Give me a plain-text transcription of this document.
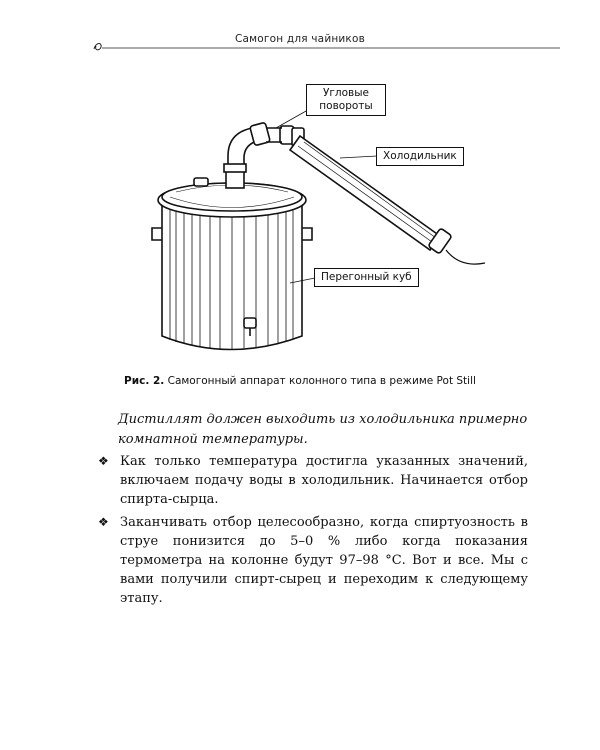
Самогон для чайников
Угловые повороты
Холодильник
Перегонный куб
Рис. 2. Самогонный аппарат колонного типа в режиме Pot Still
Дистиллят должен выходить из холодильника примерно комнатной температуры.
❖ Как только температура достигла указанных значений, включаем подачу воды в холодильник. Начинается отбор спирта-сырца.
❖ Заканчивать отбор целесообразно, когда спиртуозность в струе понизится до 5–0 % либо когда показания термометра на колонне будут 97–98 °С. Вот и все. Мы с вами получили спирт-сырец и переходим к следующему этапу.
